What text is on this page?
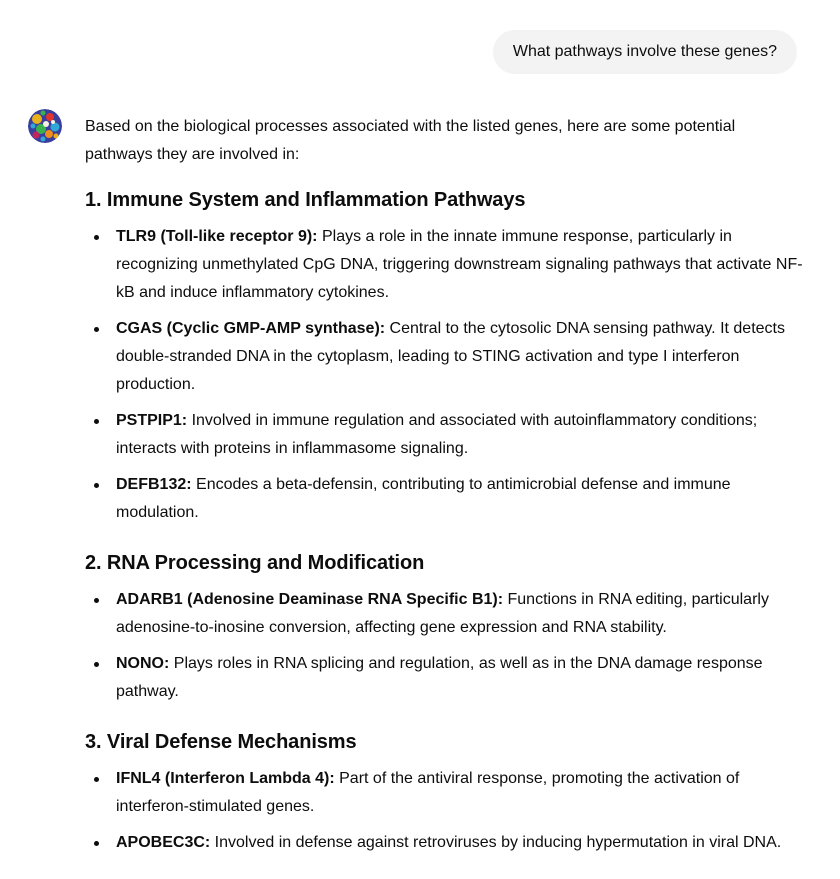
What pathways involve these genes?

Based on the biological processes associated with the listed genes, here are some potential pathways they are involved in:

1. Immune System and Inflammation Pathways
TLR9 (Toll-like receptor 9): Plays a role in the innate immune response, particularly in recognizing unmethylated CpG DNA, triggering downstream signaling pathways that activate NF-kB and induce inflammatory cytokines.
CGAS (Cyclic GMP-AMP synthase): Central to the cytosolic DNA sensing pathway. It detects double-stranded DNA in the cytoplasm, leading to STING activation and type I interferon production.
PSTPIP1: Involved in immune regulation and associated with autoinflammatory conditions; interacts with proteins in inflammasome signaling.
DEFB132: Encodes a beta-defensin, contributing to antimicrobial defense and immune modulation.
2. RNA Processing and Modification
ADARB1 (Adenosine Deaminase RNA Specific B1): Functions in RNA editing, particularly adenosine-to-inosine conversion, affecting gene expression and RNA stability.
NONO: Plays roles in RNA splicing and regulation, as well as in the DNA damage response pathway.
3. Viral Defense Mechanisms
IFNL4 (Interferon Lambda 4): Part of the antiviral response, promoting the activation of interferon-stimulated genes.
APOBEC3C: Involved in defense against retroviruses by inducing hypermutation in viral DNA.
